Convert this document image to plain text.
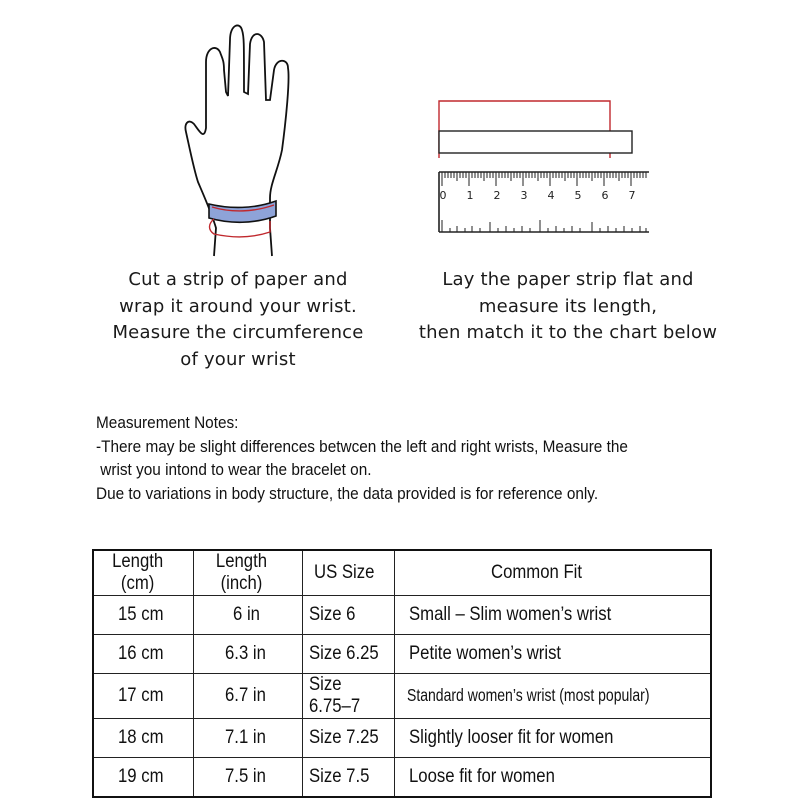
0 1 2 3 4 5 6 7
Cut a strip of paper and
wrap it around your wrist.
Measure the circumference
of your wrist
Lay the paper strip flat and
measure its length,
then match it to the chart below
Measurement Notes:
-There may be slight differences betwcen the left and right wrists, Measure the
wrist you intond to wear the bracelet on.
Due to variations in body structure, the data provided is for reference only.
Length (cm)	Length (inch)	US Size	Common Fit
15 cm	6 in	Size 6	Small – Slim women’s wrist
16 cm	6.3 in	Size 6.25	Petite women’s wrist
17 cm	6.7 in	Size 6.75–7	Standard women’s wrist (most popular)
18 cm	7.1 in	Size 7.25	Slightly looser fit for women
19 cm	7.5 in	Size 7.5	Loose fit for women
